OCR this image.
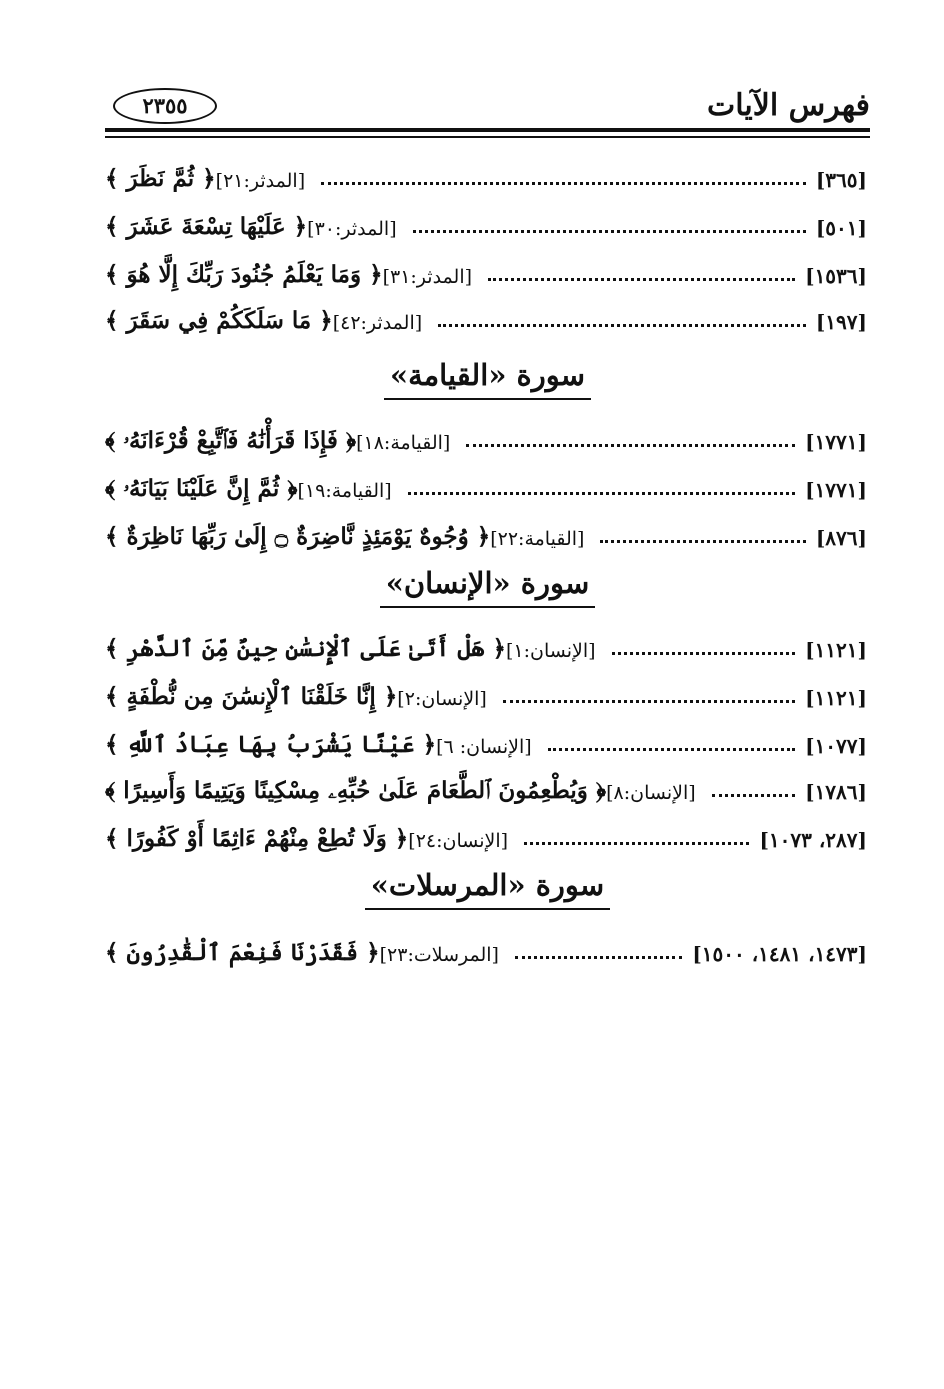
فهرس الآيات
٢٣٥٥
﴿ ثُمَّ نَظَرَ ﴾ [المدثر:٢١]	[٣٦٥]
﴿ عَلَيْهَا تِسْعَةَ عَشَرَ ﴾ [المدثر:٣٠]	[٥٠١]
﴿ وَمَا يَعْلَمُ جُنُودَ رَبِّكَ إِلَّا هُوَ ﴾ [المدثر:٣١]	[١٥٣٦]
﴿ مَا سَلَكَكُمْ فِي سَقَرَ ﴾ [المدثر:٤٢]	[١٩٧]
سورة «القيامة»
﴿ فَإِذَا قَرَأْنَٰهُ فَٱتَّبِعْ قُرْءَانَهُۥ ﴾ [القيامة:١٨]	[١٧٧١]
﴿ ثُمَّ إِنَّ عَلَيْنَا بَيَانَهُۥ ﴾ [القيامة:١٩]	[١٧٧١]
﴿ وُجُوهٌ يَوْمَئِذٍ نَّاضِرَةٌ ۝ إِلَىٰ رَبِّهَا نَاظِرَةٌ ﴾ [القيامة:٢٢]	[٨٧٦]
سورة «الإنسان»
﴿ هَلْ أَتَىٰ عَلَى ٱلْإِنسَٰنِ حِينٌ مِّنَ ٱلدَّهْرِ ﴾ [الإنسان:١]	[١١٢١]
﴿ إِنَّا خَلَقْنَا ٱلْإِنسَٰنَ مِن نُّطْفَةٍ ﴾ [الإنسان:٢]	[١١٢١]
﴿ عَيْنًا يَشْرَبُ بِهَا عِبَادُ ٱللَّهِ ﴾ [الإنسان: ٦]	[١٠٧٧]
﴿ وَيُطْعِمُونَ ٱلطَّعَامَ عَلَىٰ حُبِّهِۦ مِسْكِينًا وَيَتِيمًا وَأَسِيرًا ﴾ [الإنسان:٨]	[١٧٨٦]
﴿ وَلَا تُطِعْ مِنْهُمْ ءَاثِمًا أَوْ كَفُورًا ﴾ [الإنسان:٢٤]	[٢٨٧، ١٠٧٣]
سورة «المرسلات»
﴿ فَقَدَرْنَا فَنِعْمَ ٱلْقَٰدِرُونَ ﴾ [المرسلات:٢٣]	[١٤٧٣، ١٤٨١، ١٥٠٠]
